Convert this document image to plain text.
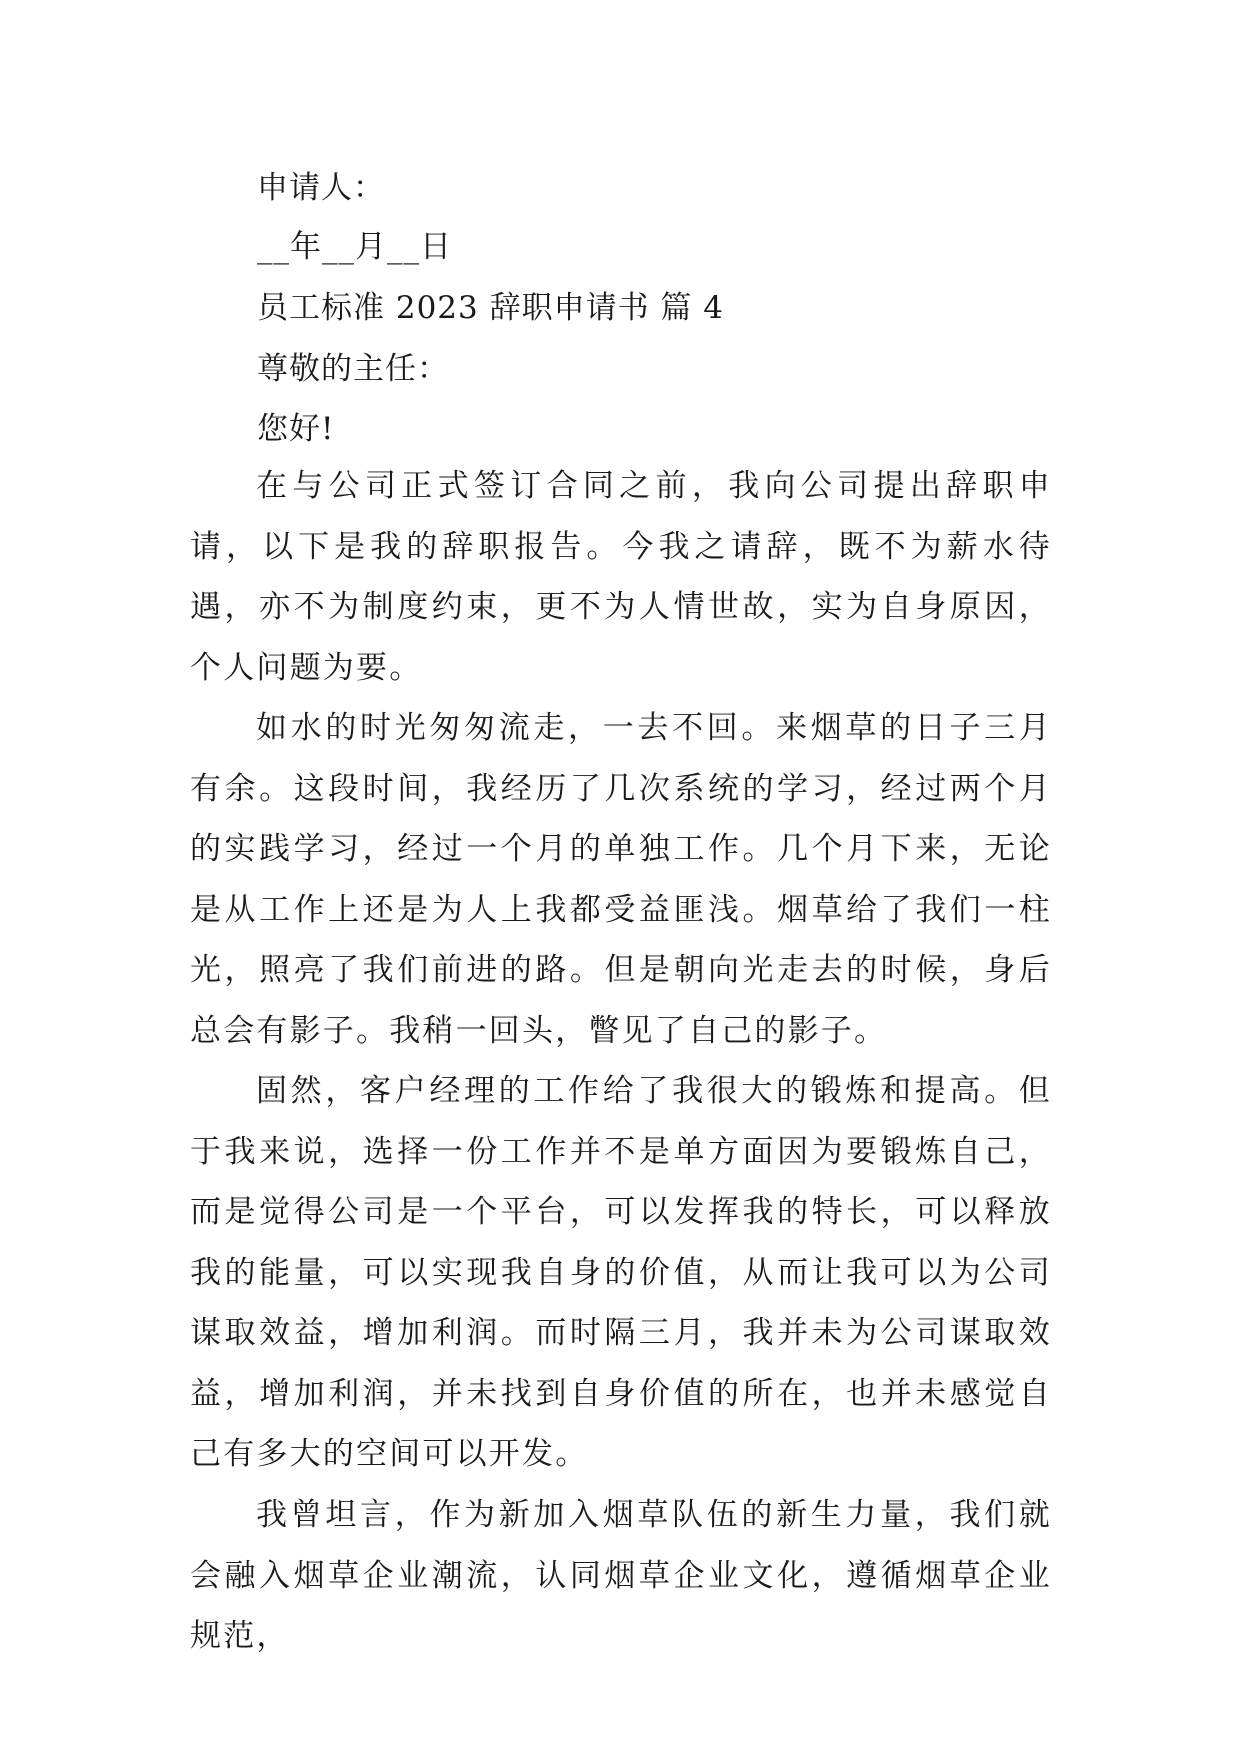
申请人：
__年__月__日
员工标准 2023 辞职申请书 篇 4
尊敬的主任：
您好!

在与公司正式签订合同之前，我向公司提出辞职申请，以下是我的辞职报告。今我之请辞，既不为薪水待遇，亦不为制度约束，更不为人情世故，实为自身原因，个人问题为要。

如水的时光匆匆流走，一去不回。来烟草的日子三月有余。这段时间，我经历了几次系统的学习，经过两个月的实践学习，经过一个月的单独工作。几个月下来，无论是从工作上还是为人上我都受益匪浅。烟草给了我们一柱光，照亮了我们前进的路。但是朝向光走去的时候，身后总会有影子。我稍一回头，瞥见了自己的影子。

固然，客户经理的工作给了我很大的锻炼和提高。但于我来说，选择一份工作并不是单方面因为要锻炼自己，而是觉得公司是一个平台，可以发挥我的特长，可以释放我的能量，可以实现我自身的价值，从而让我可以为公司谋取效益，增加利润。而时隔三月，我并未为公司谋取效益，增加利润，并未找到自身价值的所在，也并未感觉自己有多大的空间可以开发。

我曾坦言，作为新加入烟草队伍的新生力量，我们就会融入烟草企业潮流，认同烟草企业文化，遵循烟草企业规范，
